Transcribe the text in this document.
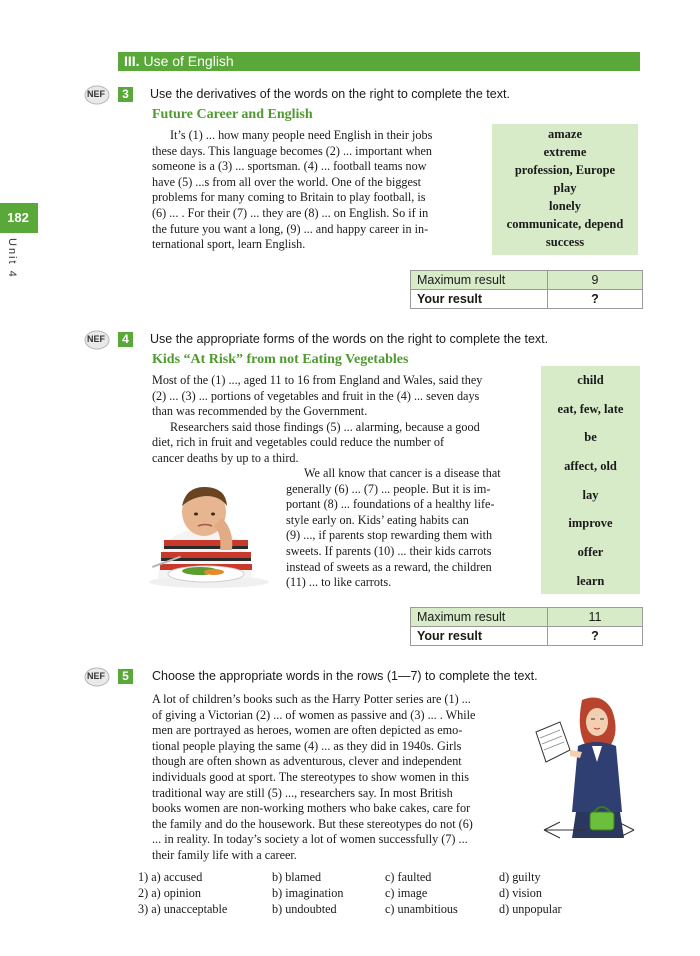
III. Use of English
182
Unit 4
NEF	3	Use the derivatives of the words on the right to complete the text.
Future Career and English

It’s (1) ... how many people need English in their jobs

these days. This language becomes (2) ... important when

someone is a (3) ... sportsman. (4) ... football teams now

have (5) ...s from all over the world. One of the biggest

problems for many coming to Britain to play football, is

(6) ... . For their (7) ... they are (8) ... on English. So if in

the future you want a long, (9) ... and happy career in in-

ternational sport, learn English.

amaze
extreme
profession, Europe
play
lonely
communicate, depend
success
Maximum result	9
Your result	?
NEF	4	Use the appropriate forms of the words on the right to complete the text.
Kids “At Risk” from not Eating Vegetables

Most of the (1) ..., aged 11 to 16 from England and Wales, said they

(2) ... (3) ... portions of vegetables and fruit in the (4) ... seven days

than was recommended by the Government.

Researchers said those findings (5) ... alarming, because a good

diet, rich in fruit and vegetables could reduce the number of

cancer deaths by up to a third.

We all know that cancer is a disease that

generally (6) ... (7) ... people. But it is im-

portant (8) ... foundations of a healthy life-

style early on. Kids’ eating habits can

(9) ..., if parents stop rewarding them with

sweets. If parents (10) ... their kids carrots

instead of sweets as a reward, the children

(11) ... to like carrots.

child
eat, few, late
be
affect, old
lay
improve
offer
learn
Maximum result	11
Your result	?
NEF	5	Choose the appropriate words in the rows (1—7) to complete the text.

A lot of children’s books such as the Harry Potter series are (1) ...

of giving a Victorian (2) ... of women as passive and (3) ... . While

men are portrayed as heroes, women are often depicted as emo-

tional people playing the same (4) ... as they did in 1940s. Girls

though are often shown as adventurous, clever and independent

individuals good at sport. The stereotypes to show women in this

traditional way are still (5) ..., researchers say. In most British

books women are non-working mothers who bake cakes, care for

the family and do the housework. But these stereotypes do not (6)

... in reality. In today’s society a lot of women successfully (7) ...

their family life with a career.

1) a) accused	b) blamed	c) faulted	d) guilty
2) a) opinion	b) imagination	c) image	d) vision
3) a) unacceptable	b) undoubted	c) unambitious	d) unpopular
